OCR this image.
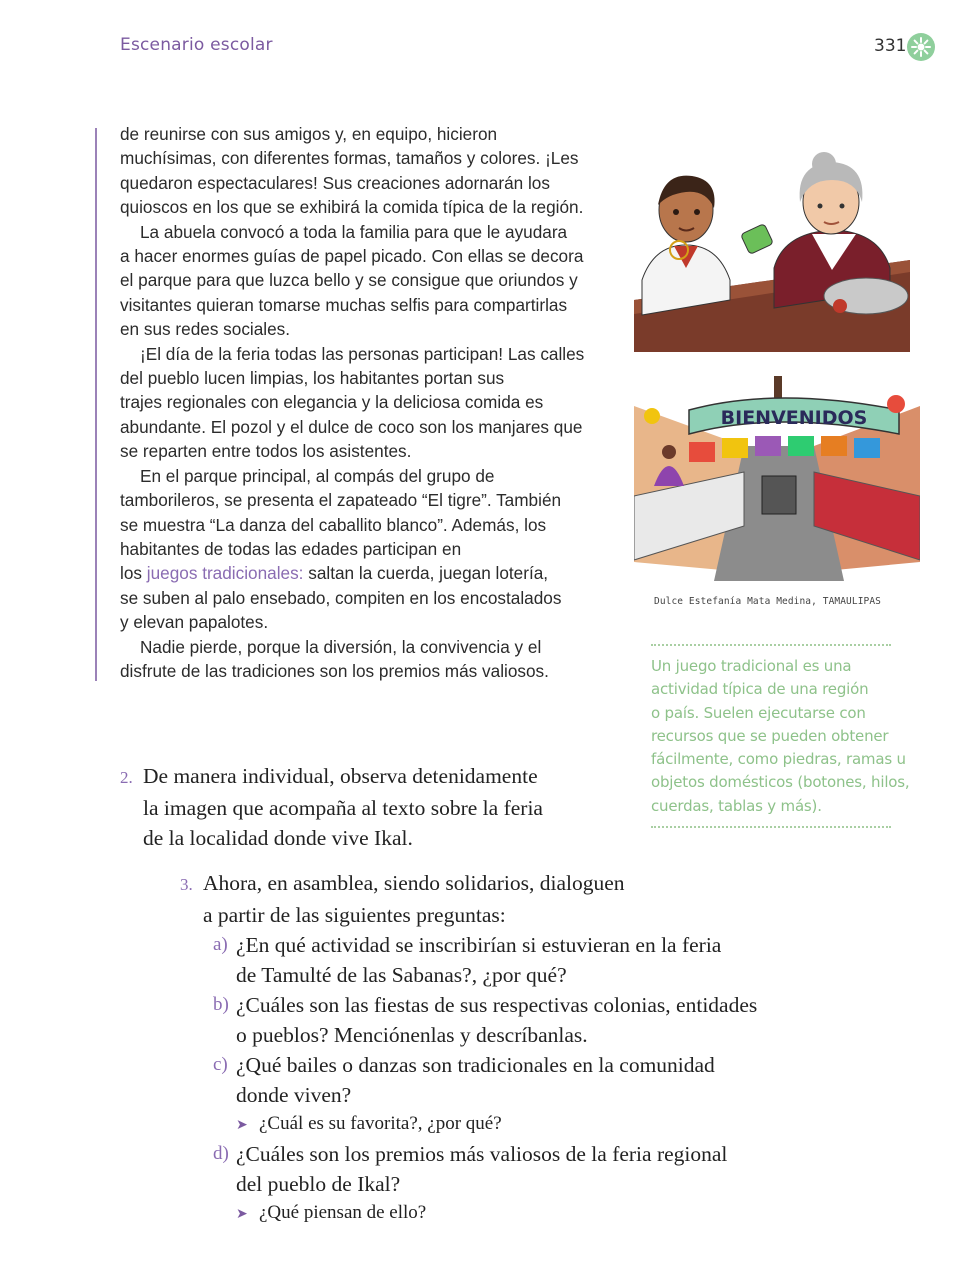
Escenario escolar	331
de reunirse con sus amigos y, en equipo, hicieron
muchísimas, con diferentes formas, tamaños y colores. ¡Les
quedaron espectaculares! Sus creaciones adornarán los
quioscos en los que se exhibirá la comida típica de la región.
La abuela convocó a toda la familia para que le ayudara
a hacer enormes guías de papel picado. Con ellas se decora
el parque para que luzca bello y se consigue que oriundos y
visitantes quieran tomarse muchas selfis para compartirlas
en sus redes sociales.
¡El día de la feria todas las personas participan! Las calles
del pueblo lucen limpias, los habitantes portan sus
trajes regionales con elegancia y la deliciosa comida es
abundante. El pozol y el dulce de coco son los manjares que
se reparten entre todos los asistentes.
En el parque principal, al compás del grupo de
tamborileros, se presenta el zapateado “El tigre”. También
se muestra “La danza del caballito blanco”. Además, los
habitantes de todas las edades participan en
los juegos tradicionales: saltan la cuerda, juegan lotería,
se suben al palo ensebado, compiten en los encostalados
y elevan papalotes.
Nadie pierde, porque la diversión, la convivencia y el
disfrute de las tradiciones son los premios más valiosos.
BIENVENIDOS
Dulce Estefanía Mata Medina, TAMAULIPAS
Un juego tradicional es una
actividad típica de una región
o país. Suelen ejecutarse con
recursos que se pueden obtener
fácilmente, como piedras, ramas u
objetos domésticos (botones, hilos,
cuerdas, tablas y más).
2. De manera individual, observa detenidamente
la imagen que acompaña al texto sobre la feria
de la localidad donde vive Ikal.
3. Ahora, en asamblea, siendo solidarios, dialoguen
a partir de las siguientes preguntas:
a) ¿En qué actividad se inscribirían si estuvieran en la feria
de Tamulté de las Sabanas?, ¿por qué?
b) ¿Cuáles son las fiestas de sus respectivas colonias, entidades
o pueblos? Menciónenlas y descríbanlas.
c) ¿Qué bailes o danzas son tradicionales en la comunidad
donde viven?
➤ ¿Cuál es su favorita?, ¿por qué?
d) ¿Cuáles son los premios más valiosos de la feria regional
del pueblo de Ikal?
➤ ¿Qué piensan de ello?
